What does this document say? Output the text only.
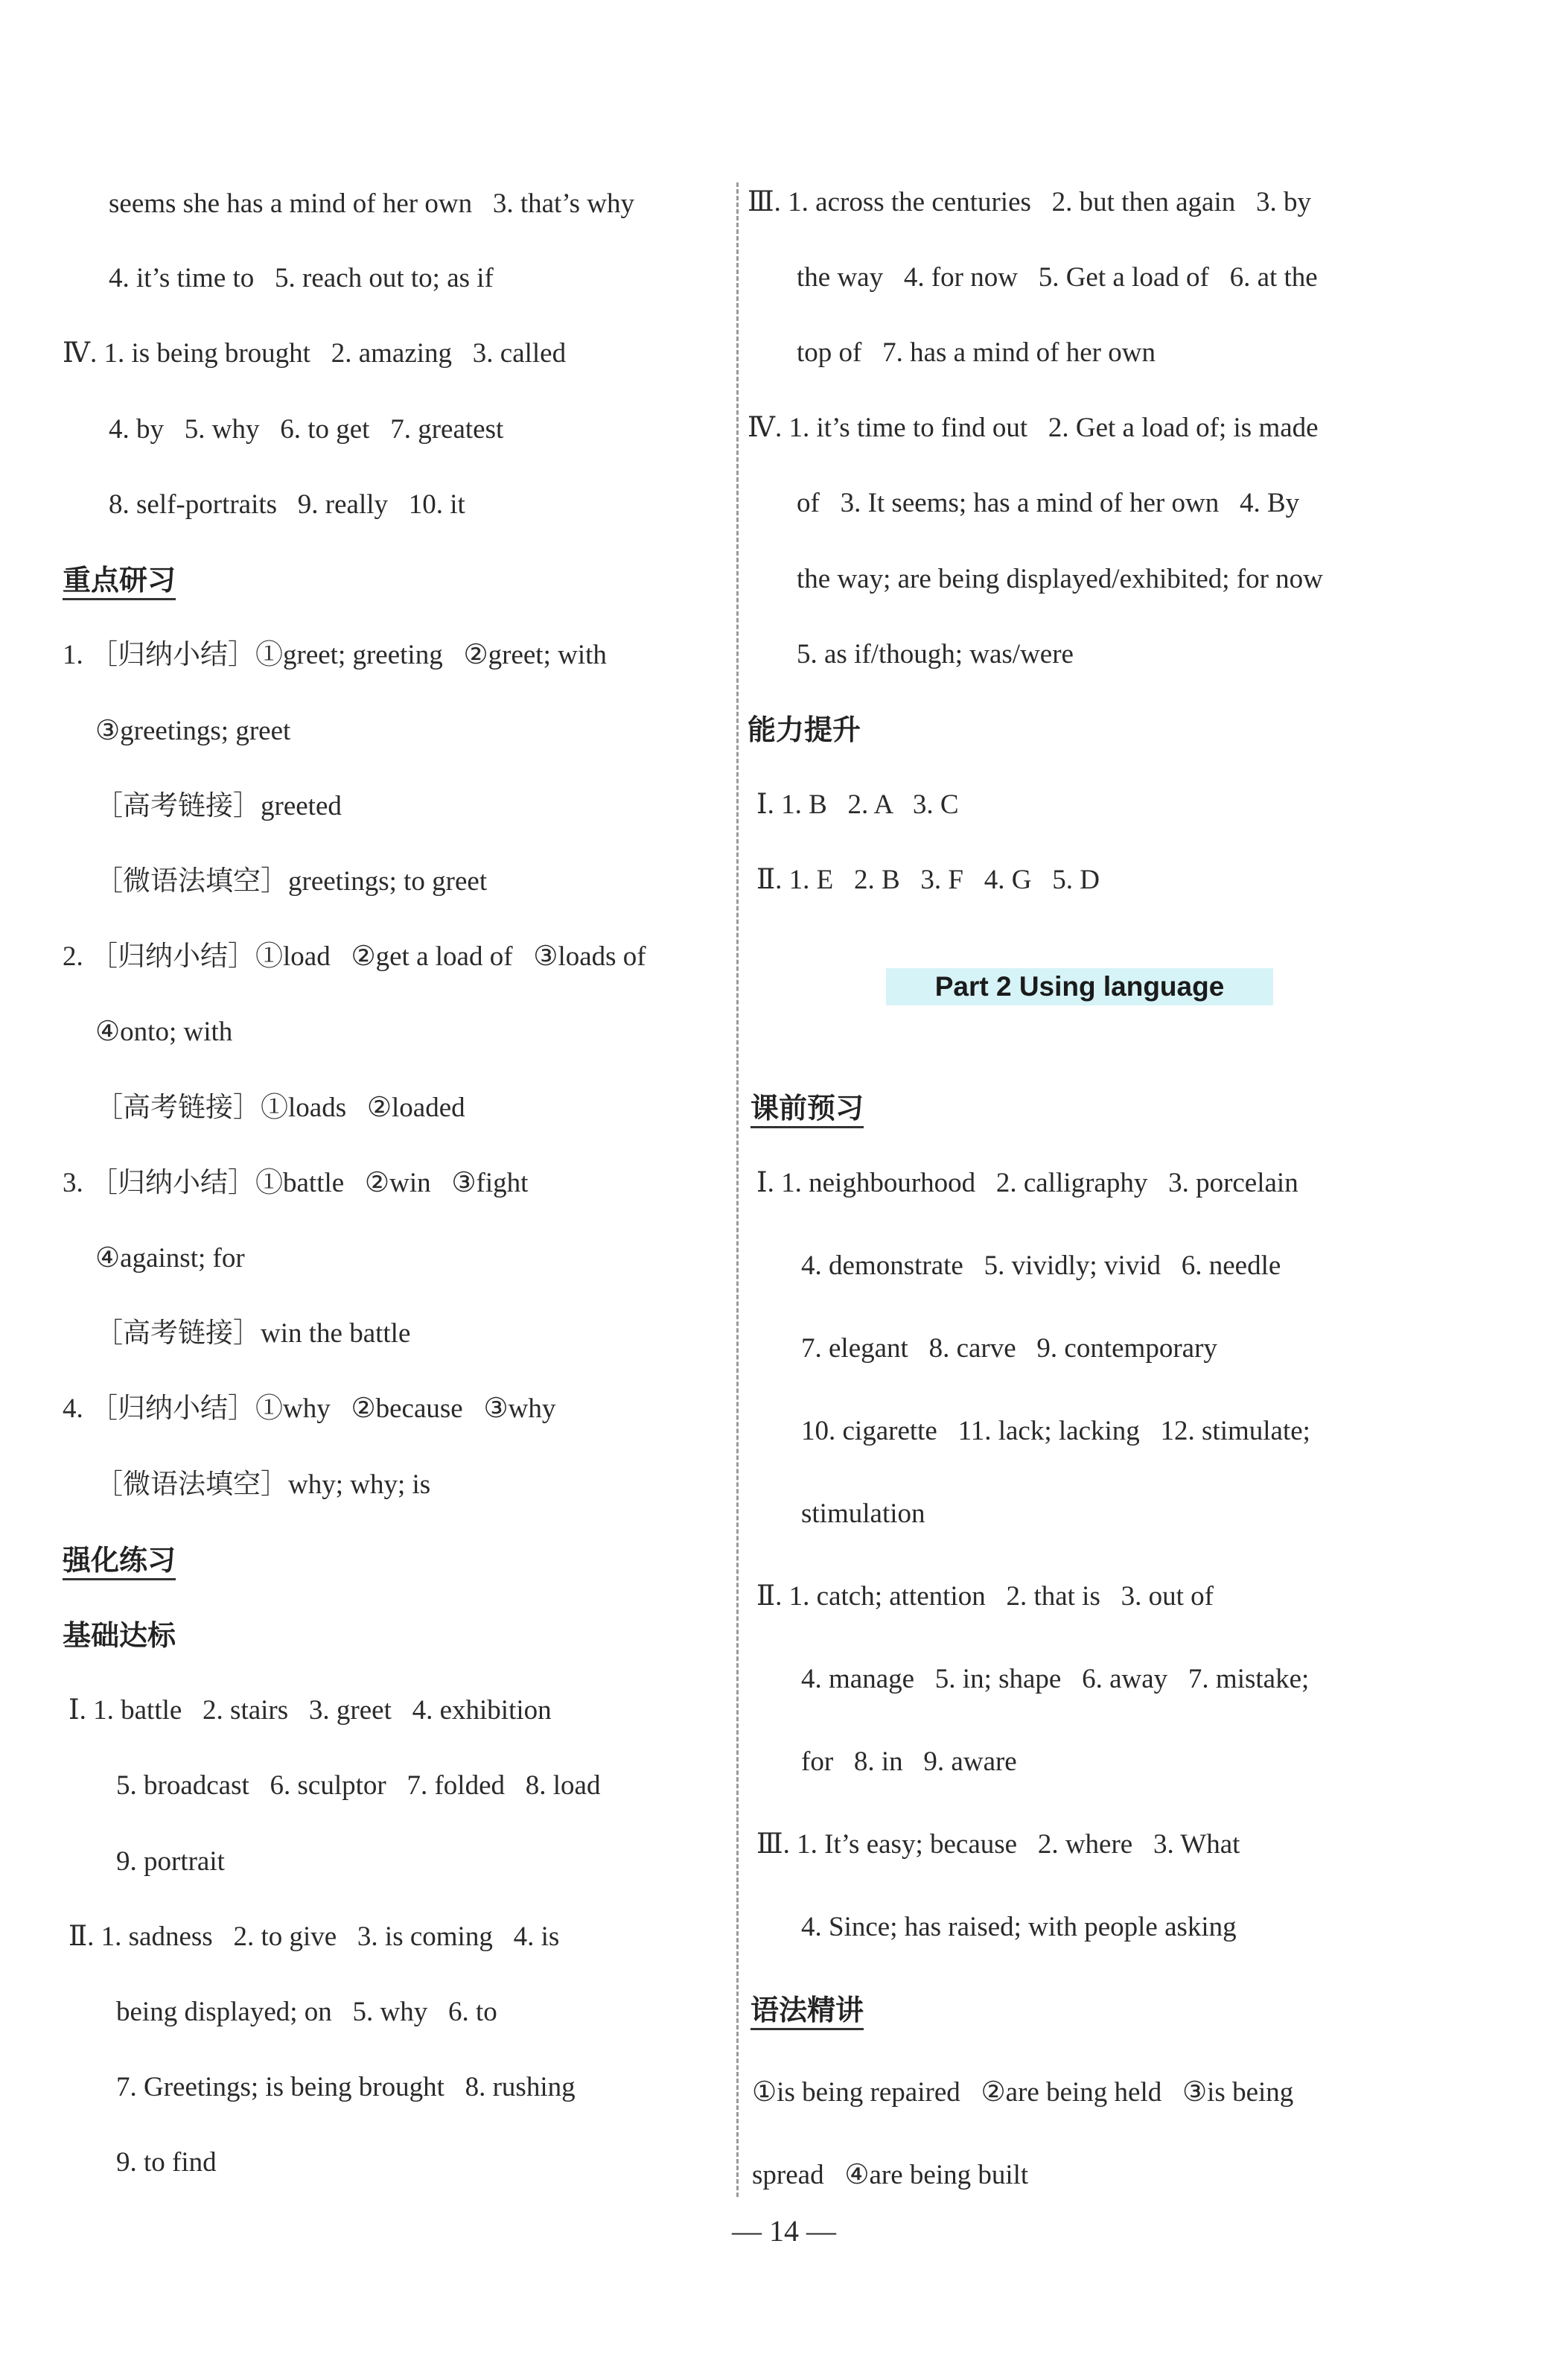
seems she has a mind of her own   3. that’s why
4. it’s time to   5. reach out to; as if
Ⅳ. 1. is being brought   2. amazing   3. called
4. by   5. why   6. to get   7. greatest
8. self-portraits   9. really   10. it
重点研习
1. ［归纳小结］①greet; greeting   ②greet; with
③greetings; greet
［高考链接］greeted
［微语法填空］greetings; to greet
2. ［归纳小结］①load   ②get a load of   ③loads of
④onto; with
［高考链接］①loads   ②loaded
3. ［归纳小结］①battle   ②win   ③fight
④against; for
［高考链接］win the battle
4. ［归纳小结］①why   ②because   ③why
［微语法填空］why; why; is
强化练习
基础达标
Ⅰ. 1. battle   2. stairs   3. greet   4. exhibition
5. broadcast   6. sculptor   7. folded   8. load
9. portrait
Ⅱ. 1. sadness   2. to give   3. is coming   4. is
being displayed; on   5. why   6. to
7. Greetings; is being brought   8. rushing
9. to find
Ⅲ. 1. across the centuries   2. but then again   3. by
the way   4. for now   5. Get a load of   6. at the
top of   7. has a mind of her own
Ⅳ. 1. it’s time to find out   2. Get a load of; is made
of   3. It seems; has a mind of her own   4. By
the way; are being displayed/exhibited; for now
5. as if/though; was/were
能力提升
Ⅰ. 1. B   2. A   3. C
Ⅱ. 1. E   2. B   3. F   4. G   5. D
Part 2 Using language
课前预习
Ⅰ. 1. neighbourhood   2. calligraphy   3. porcelain
4. demonstrate   5. vividly; vivid   6. needle
7. elegant   8. carve   9. contemporary
10. cigarette   11. lack; lacking   12. stimulate;
stimulation
Ⅱ. 1. catch; attention   2. that is   3. out of
4. manage   5. in; shape   6. away   7. mistake;
for   8. in   9. aware
Ⅲ. 1. It’s easy; because   2. where   3. What
4. Since; has raised; with people asking
语法精讲
①is being repaired   ②are being held   ③is being
spread   ④are being built
— 14 —
